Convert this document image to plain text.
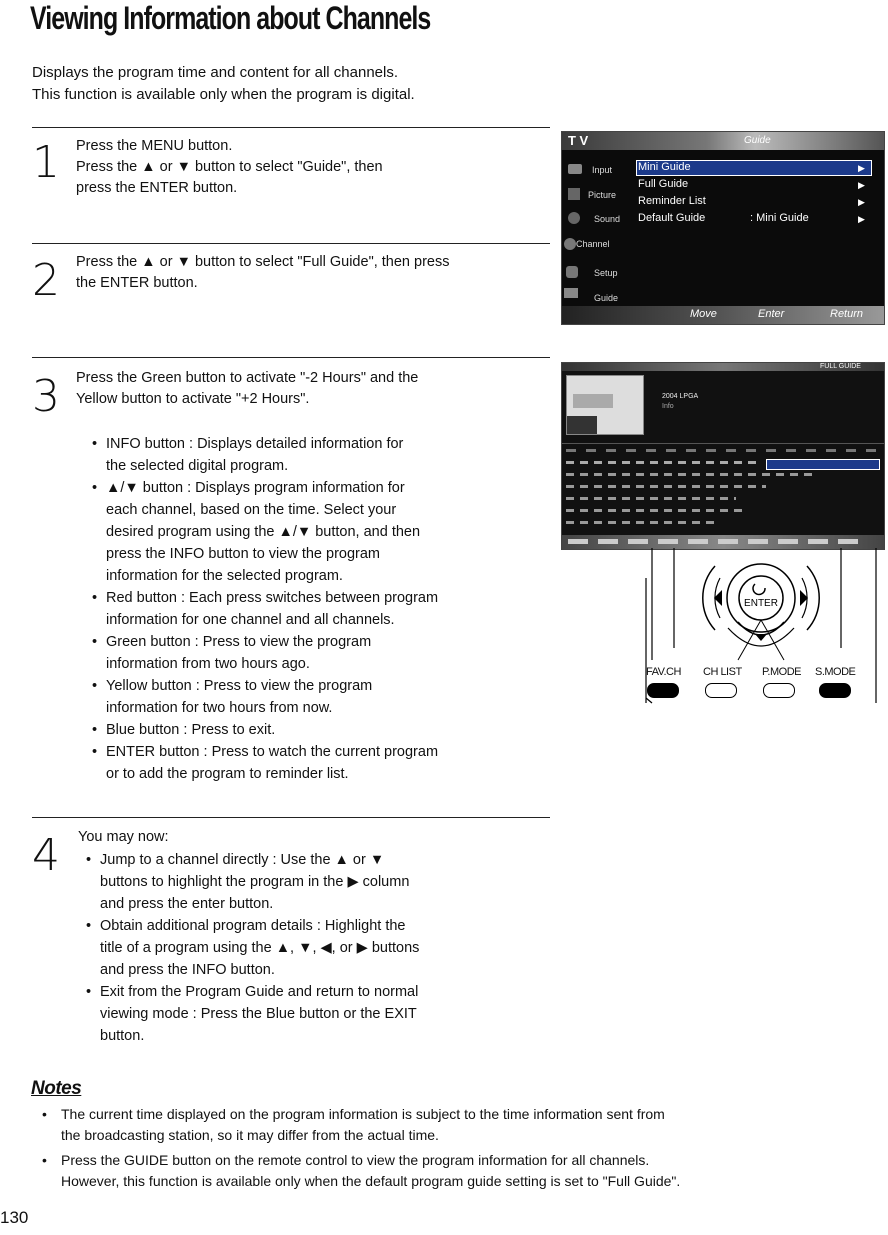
Viewing Information about Channels
Displays the program time and content for all channels.
This function is available only when the program is digital.
1 Press the MENU button.
Press the ▲ or ▼ button to select "Guide", then
press the ENTER button.
2 Press the ▲ or ▼ button to select "Full Guide", then press
the ENTER button.
3 Press the Green button to activate "-2 Hours" and the
Yellow button to activate "+2 Hours".
• INFO button : Displays detailed information for
the selected digital program.
• ▲/▼ button : Displays program information for
each channel, based on the time. Select your
desired program using the ▲/▼ button, and then
press the INFO button to view the program
information for the selected program.
• Red button : Each press switches between program
information for one channel and all channels.
• Green button : Press to view the program
information from two hours ago.
• Yellow button : Press to view the program
information for two hours from now.
• Blue button : Press to exit.
• ENTER button : Press to watch the current program
or to add the program to reminder list.
4 You may now:
• Jump to a channel directly : Use the ▲ or ▼
buttons to highlight the program in the ▶ column
and press the enter button.
• Obtain additional program details : Highlight the
title of a program using the ▲, ▼, ◀, or ▶ buttons
and press the INFO button.
• Exit from the Program Guide and return to normal
viewing mode : Press the Blue button or the EXIT
button.
Notes
• The current time displayed on the program information is subject to the time information sent from
the broadcasting station, so it may differ from the actual time.
• Press the GUIDE button on the remote control to view the program information for all channels.
However, this function is available only when the default program guide setting is set to "Full Guide".
130
T V	Guide
Input
Picture
Sound
Channel
Setup
Guide
Mini Guide
Full Guide
Reminder List
Default Guide	: Mini Guide
▶
▶
▶
▶
Move	Enter	Return
FULL GUIDE
2004 LPGA
Info
ENTER
FAV.CH CH LIST P.MODE S.MODE
